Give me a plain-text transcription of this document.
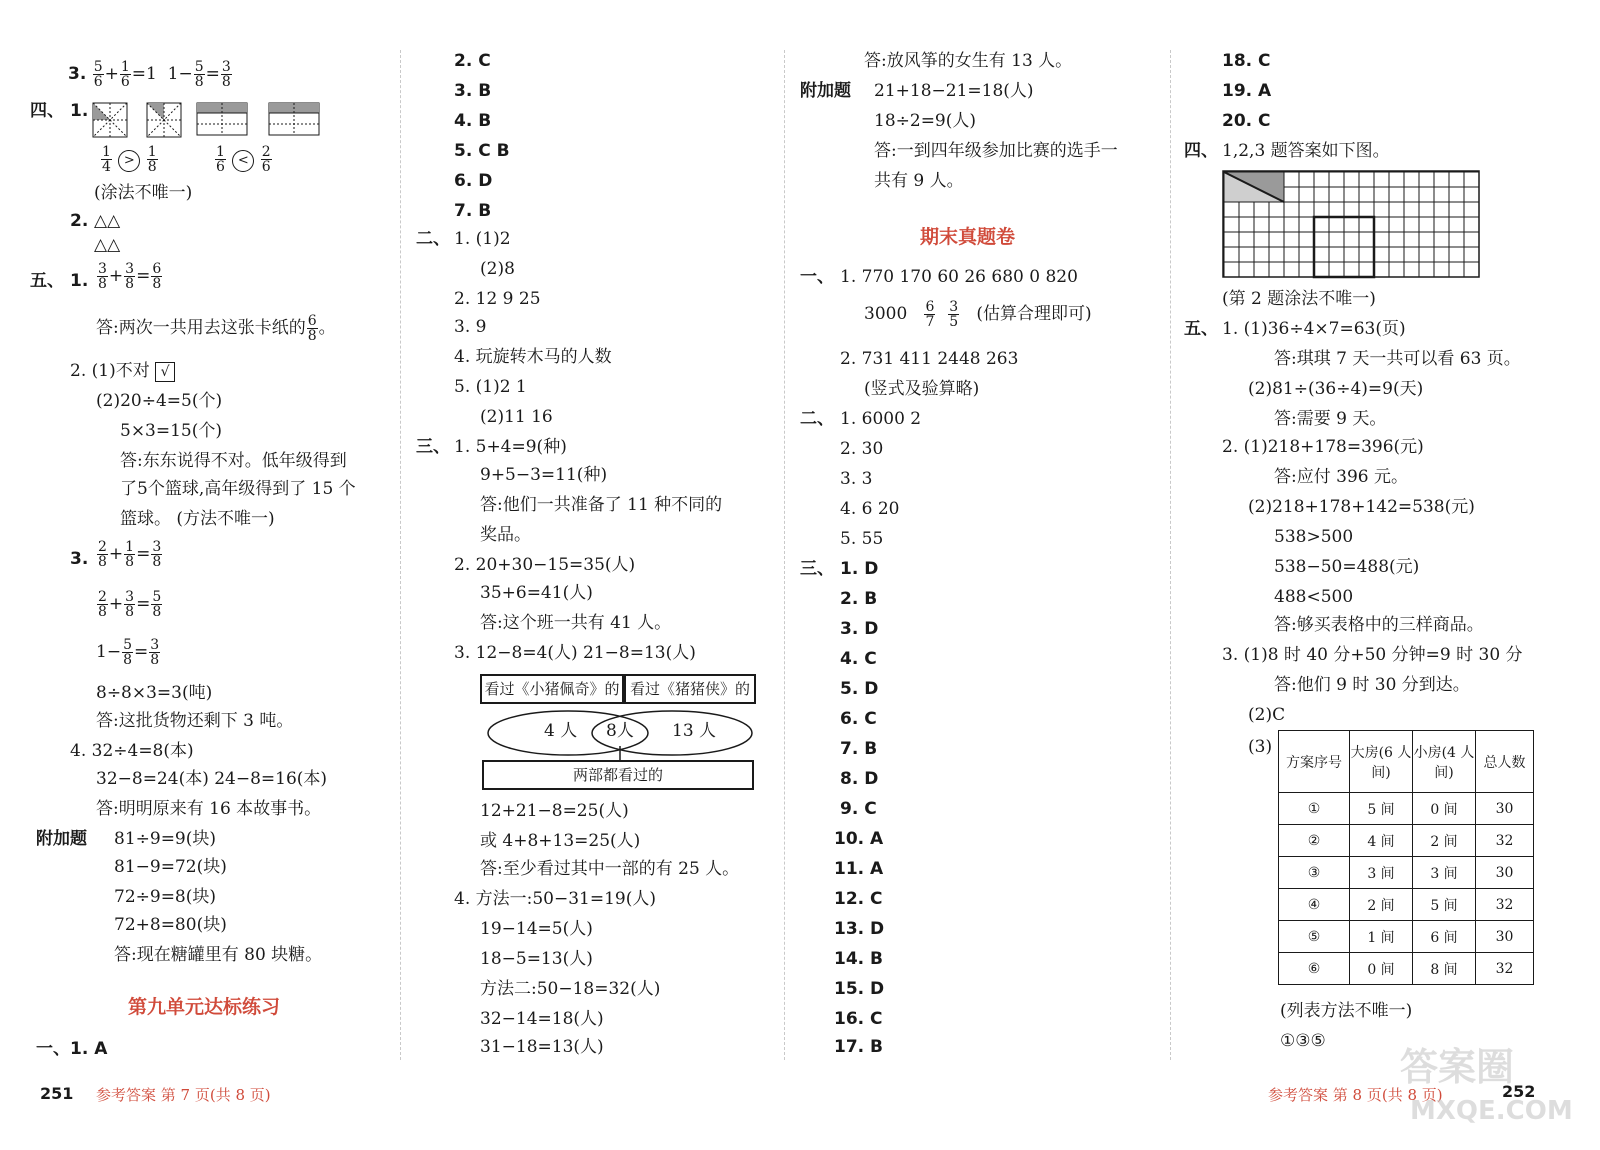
3. $\frac{5}{6} + \frac{1}{6} =1$  $1- \frac{5}{8} = \frac{3}{8}$
四、 1.
$\frac{1}{4} > \frac{1}{8}$	$\frac{1}{6} < \frac{2}{6}$
(涂法不唯一)
2. △△
△△
五、 1. $\frac{3}{8} + \frac{3}{8} = \frac{6}{8}$
答:两次一共用去这张卡纸的 $\frac{6}{8}$ 。
2. (1)不对 √
(2)20÷4=5(个)
5×3=15(个)
答:东东说得不对。低年级得到
了5个篮球,高年级得到了 15 个
篮球。 (方法不唯一)
3. $\frac{2}{8} + \frac{1}{8} = \frac{3}{8}$
$\frac{2}{8} + \frac{3}{8} = \frac{5}{8}$
$1- \frac{5}{8} = \frac{3}{8}$
8÷8×3=3(吨)
答:这批货物还剩下 3 吨。
4. 32÷4=8(本)
32−8=24(本) 24−8=16(本)
答:明明原来有 16 本故事书。
附加题 81÷9=9(块)
81−9=72(块)
72÷9=8(块)
72+8=80(块)
答:现在糖罐里有 80 块糖。
第九单元达标练习
一、1. A
2. C
3. B
4. B
5. C B
6. D
7. B
二、 1. (1)2
(2)8
2. 12 9 25
3. 9
4. 玩旋转木马的人数
5. (1)2 1
(2)11 16
三、 1. 5+4=9(种)
9+5−3=11(种)
答:他们一共准备了 11 种不同的
奖品。
2. 20+30−15=35(人)
35+6=41(人)
答:这个班一共有 41 人。
3. 12−8=4(人) 21−8=13(人)
看过《小猪佩奇》的 看过《猪猪侠》的
4 人 8人 13 人
两部都看过的
12+21−8=25(人)
或 4+8+13=25(人)
答:至少看过其中一部的有 25 人。
4. 方法一:50−31=19(人)
19−14=5(人)
18−5=13(人)
方法二:50−18=32(人)
32−14=18(人)
31−18=13(人)
答:放风筝的女生有 13 人。
附加题 21+18−21=18(人)
18÷2=9(人)
答:一到四年级参加比赛的选手一
共有 9 人。
期末真题卷
一、 1. 770 170 60 26 680 0 820
$3000 \frac{6}{7}$
$\frac{3}{5}$ (估算合理即可)
2. 731 411 2448 263
(竖式及验算略)
二、 1. 6000 2
2. 30
3. 3
4. 6 20
5. 55
三、 1. D
2. B
3. D
4. C
5. D
6. C
7. B
8. D
9. C
10. A
11. A
12. C
13. D
14. B
15. D
16. C
17. B
18. C
19. A
20. C
四、 1,2,3 题答案如下图。
(第 2 题涂法不唯一)
五、 1. (1)36÷4×7=63(页)
答:琪琪 7 天一共可以看 63 页。
(2)81÷(36÷4)=9(天)
答:需要 9 天。
2. (1)218+178=396(元)
答:应付 396 元。
(2)218+178+142=538(元)
538>500
538−50=488(元)
488<500
答:够买表格中的三样商品。
3. (1)8 时 40 分+50 分钟=9 时 30 分
答:他们 9 时 30 分到达。
(2)C
(3)
方案序号	大房(6 人间)	小房(4 人间)	总人数
①	5 间	0 间	30
②	4 间	2 间	32
③	3 间	3 间	30
④	2 间	5 间	32
⑤	1 间	6 间	30
⑥	0 间	8 间	32
(列表方法不唯一)
①③⑤
251 参考答案 第 7 页(共 8 页)	参考答案 第 8 页(共 8 页)	252
答案圈
MXQE.COM
